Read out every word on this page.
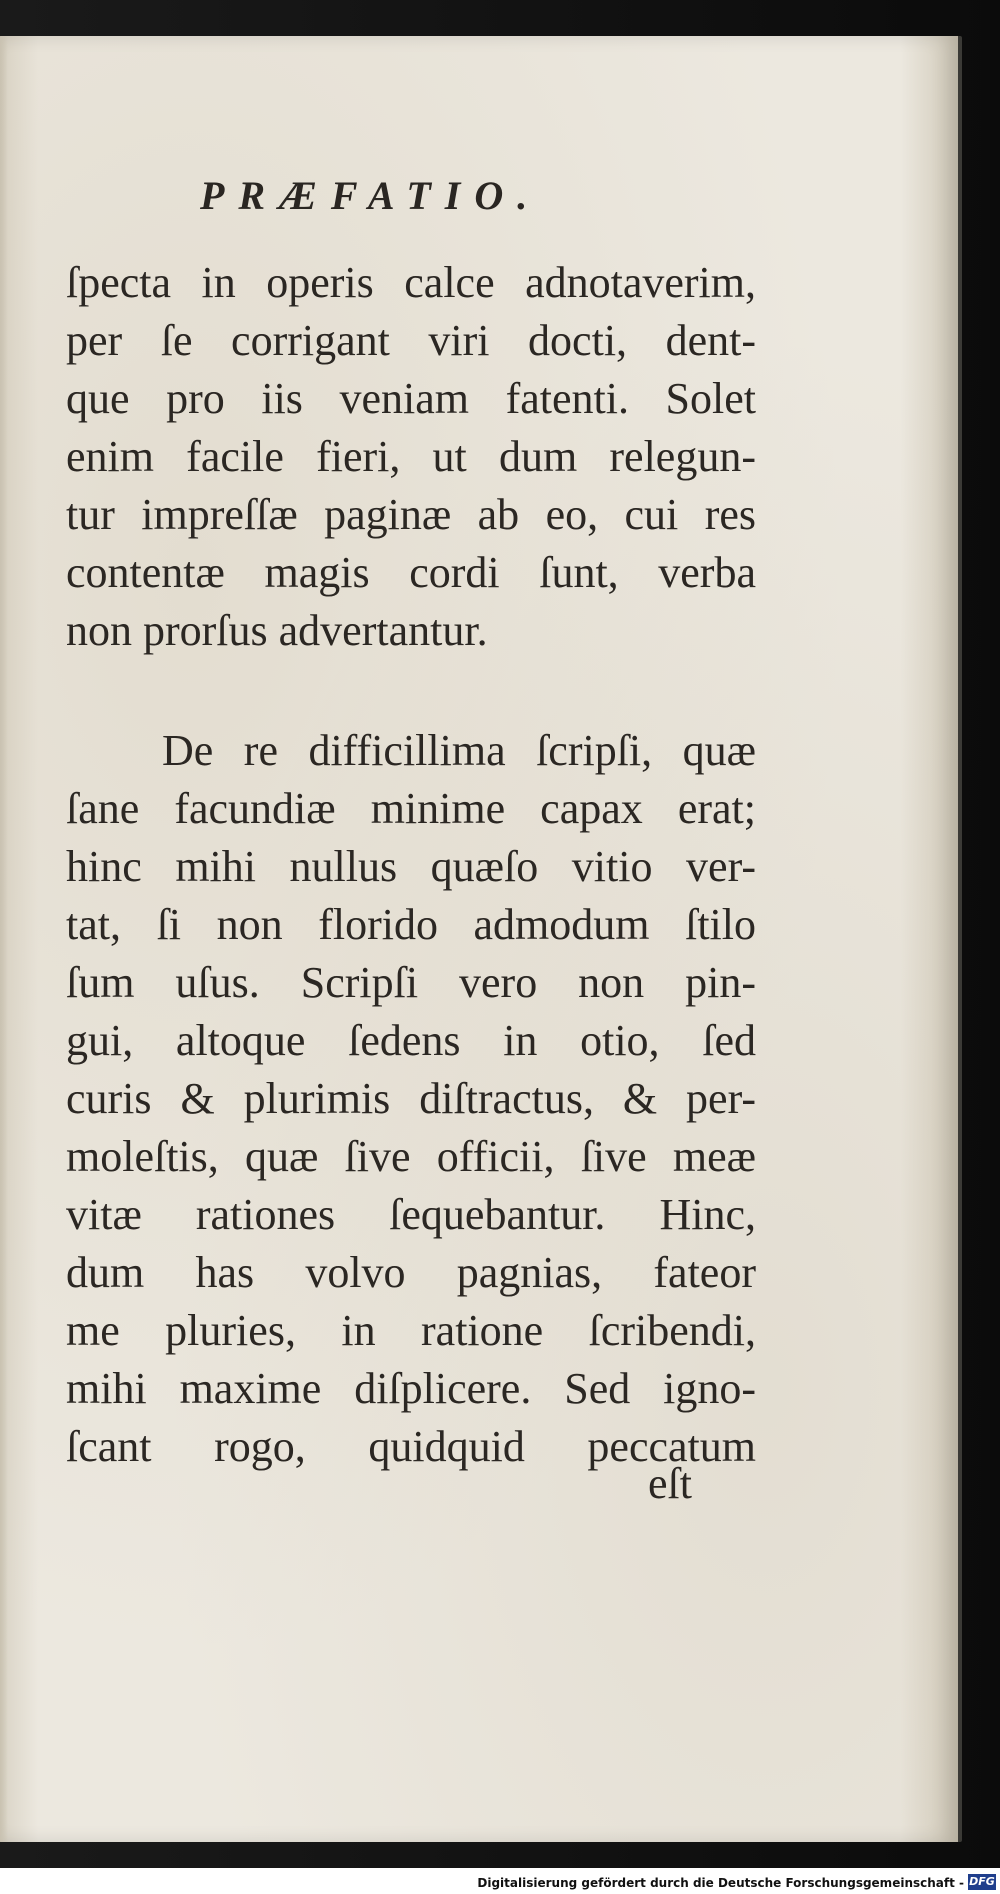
PRÆFATIO.
ſpecta in operis calce adnotaverim,
per ſe corrigant viri docti, dent-
que pro iis veniam fatenti. Solet
enim facile fieri, ut dum relegun-
tur impreſſæ paginæ ab eo, cui res
contentæ magis cordi ſunt, verba
non prorſus advertantur.
De re difficillima ſcripſi, quæ
ſane facundiæ minime capax erat;
hinc mihi nullus quæſo vitio ver-
tat, ſi non florido admodum ſtilo
ſum uſus. Scripſi vero non pin-
gui, altoque ſedens in otio, ſed
curis & plurimis diſtractus, & per-
moleſtis, quæ ſive officii, ſive meæ
vitæ rationes ſequebantur. Hinc,
dum has volvo pagnias, fateor
me pluries, in ratione ſcribendi,
mihi maxime diſplicere. Sed igno-
ſcant rogo, quidquid peccatum
eſt
Digitalisierung gefördert durch die Deutsche Forschungsgemeinschaft - DFG
